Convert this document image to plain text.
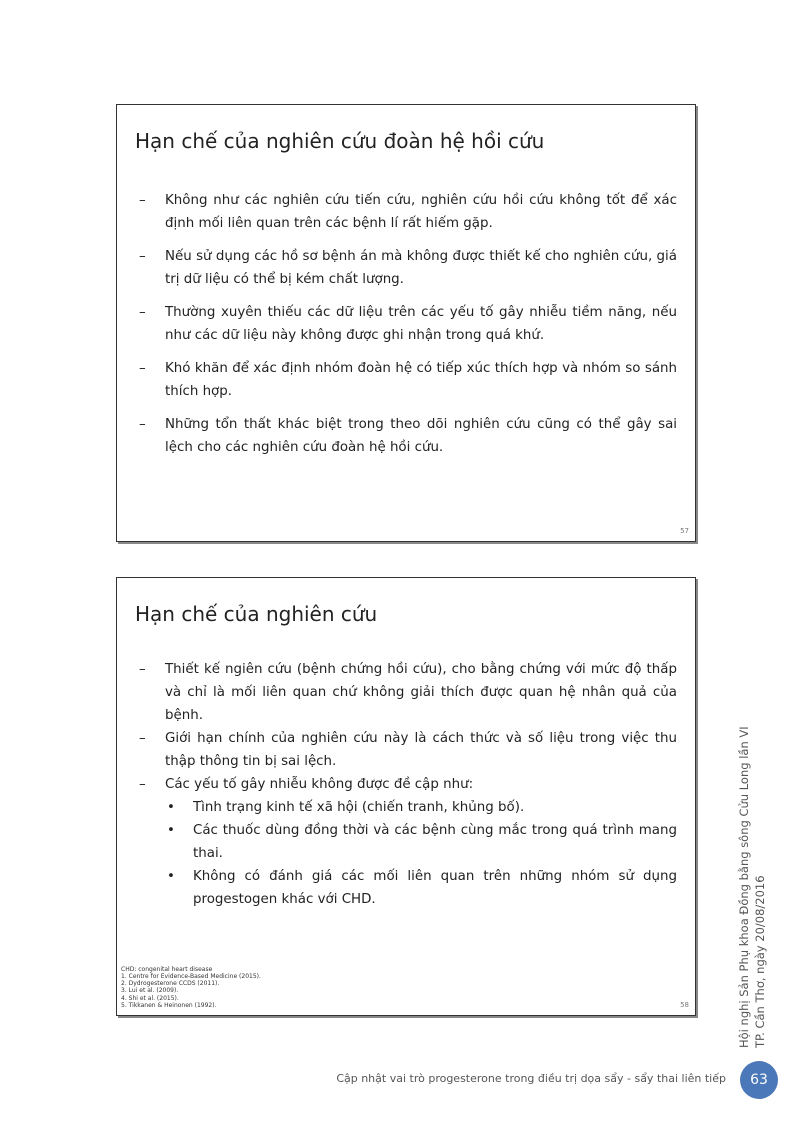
Hạn chế của nghiên cứu đoàn hệ hồi cứu
– Không như các nghiên cứu tiến cứu, nghiên cứu hồi cứu không tốt để xác định mối liên quan trên các bệnh lí rất hiếm gặp.
– Nếu sử dụng các hồ sơ bệnh án mà không được thiết kế cho nghiên cứu, giá trị dữ liệu có thể bị kém chất lượng.
– Thường xuyên thiếu các dữ liệu trên các yếu tố gây nhiễu tiềm năng, nếu như các dữ liệu này không được ghi nhận trong quá khứ.
– Khó khăn để xác định nhóm đoàn hệ có tiếp xúc thích hợp và nhóm so sánh thích hợp.
– Những tổn thất khác biệt trong theo dõi nghiên cứu cũng có thể gây sai lệch cho các nghiên cứu đoàn hệ hồi cứu.
57
Hạn chế của nghiên cứu
– Thiết kế ngiên cứu (bệnh chứng hồi cứu), cho bằng chứng với mức độ thấp và chỉ là mối liên quan chứ không giải thích được quan hệ nhân quả của bệnh.
– Giới hạn chính của nghiên cứu này là cách thức và số liệu trong việc thu thập thông tin bị sai lệch.
– Các yếu tố gây nhiễu không được đề cập như:
• Tình trạng kinh tế xã hội (chiến tranh, khủng bố).
• Các thuốc dùng đồng thời và các bệnh cùng mắc trong quá trình mang thai.
• Không có đánh giá các mối liên quan trên những nhóm sử dụng progestogen khác với CHD.
CHD: congenital heart disease
1. Centre for Evidence-Based Medicine (2015).
2. Dydrogesterone CCDS (2011).
3. Lui et al. (2009).
4. Shi et al. (2015).
5. Tikkanen & Heinonen (1992).	58	Hội nghị Sản Phụ khoa Đồng bằng sông Cửu Long lần VI TP. Cần Thơ, ngày 20/08/2016
Cập nhật vai trò progesterone trong điều trị dọa sẩy - sẩy thai liên tiếp	63
